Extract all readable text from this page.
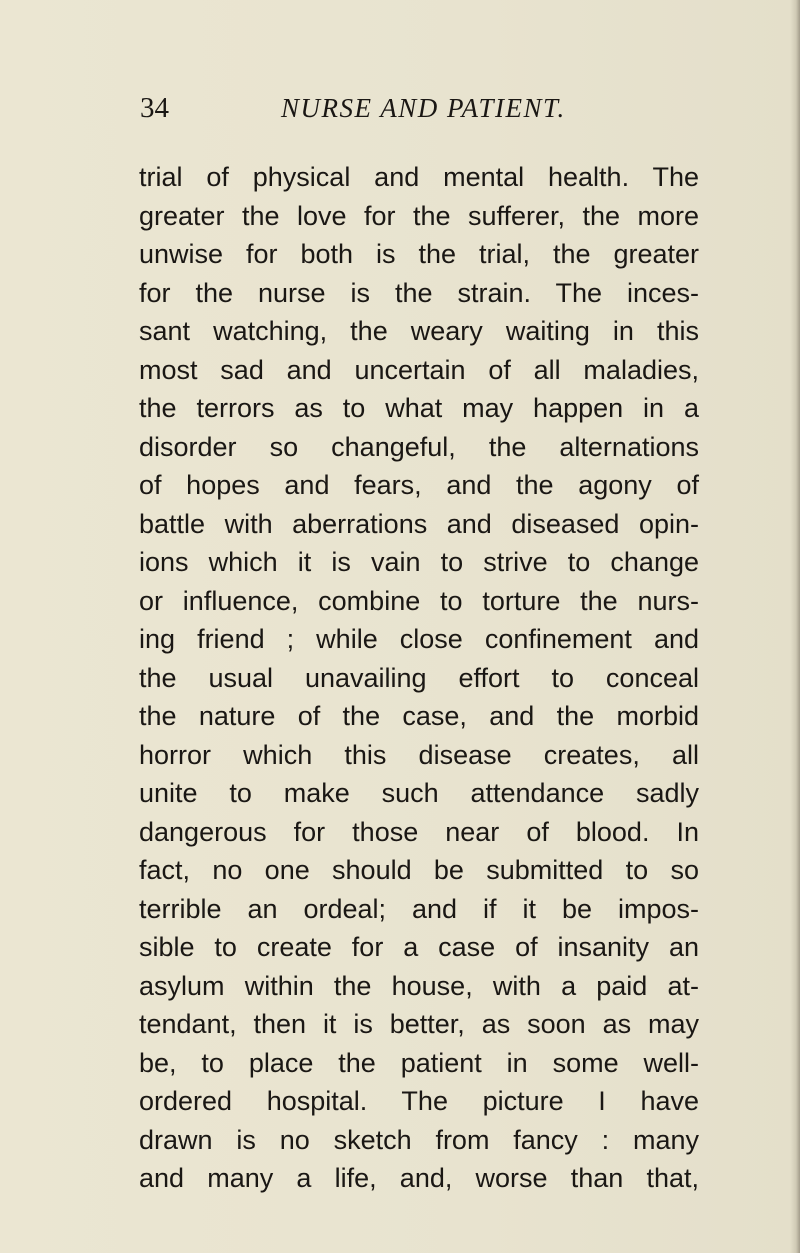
34	NURSE AND PATIENT.
trial of physical and mental health. The
greater the love for the sufferer, the more
unwise for both is the trial, the greater
for the nurse is the strain. The inces-
sant watching, the weary waiting in this
most sad and uncertain of all maladies,
the terrors as to what may happen in a
disorder so changeful, the alternations
of hopes and fears, and the agony of
battle with aberrations and diseased opin-
ions which it is vain to strive to change
or influence, combine to torture the nurs-
ing friend ; while close confinement and
the usual unavailing effort to conceal
the nature of the case, and the morbid
horror which this disease creates, all
unite to make such attendance sadly
dangerous for those near of blood. In
fact, no one should be submitted to so
terrible an ordeal; and if it be impos-
sible to create for a case of insanity an
asylum within the house, with a paid at-
tendant, then it is better, as soon as may
be, to place the patient in some well-
ordered hospital. The picture I have
drawn is no sketch from fancy : many
and many a life, and, worse than that,
